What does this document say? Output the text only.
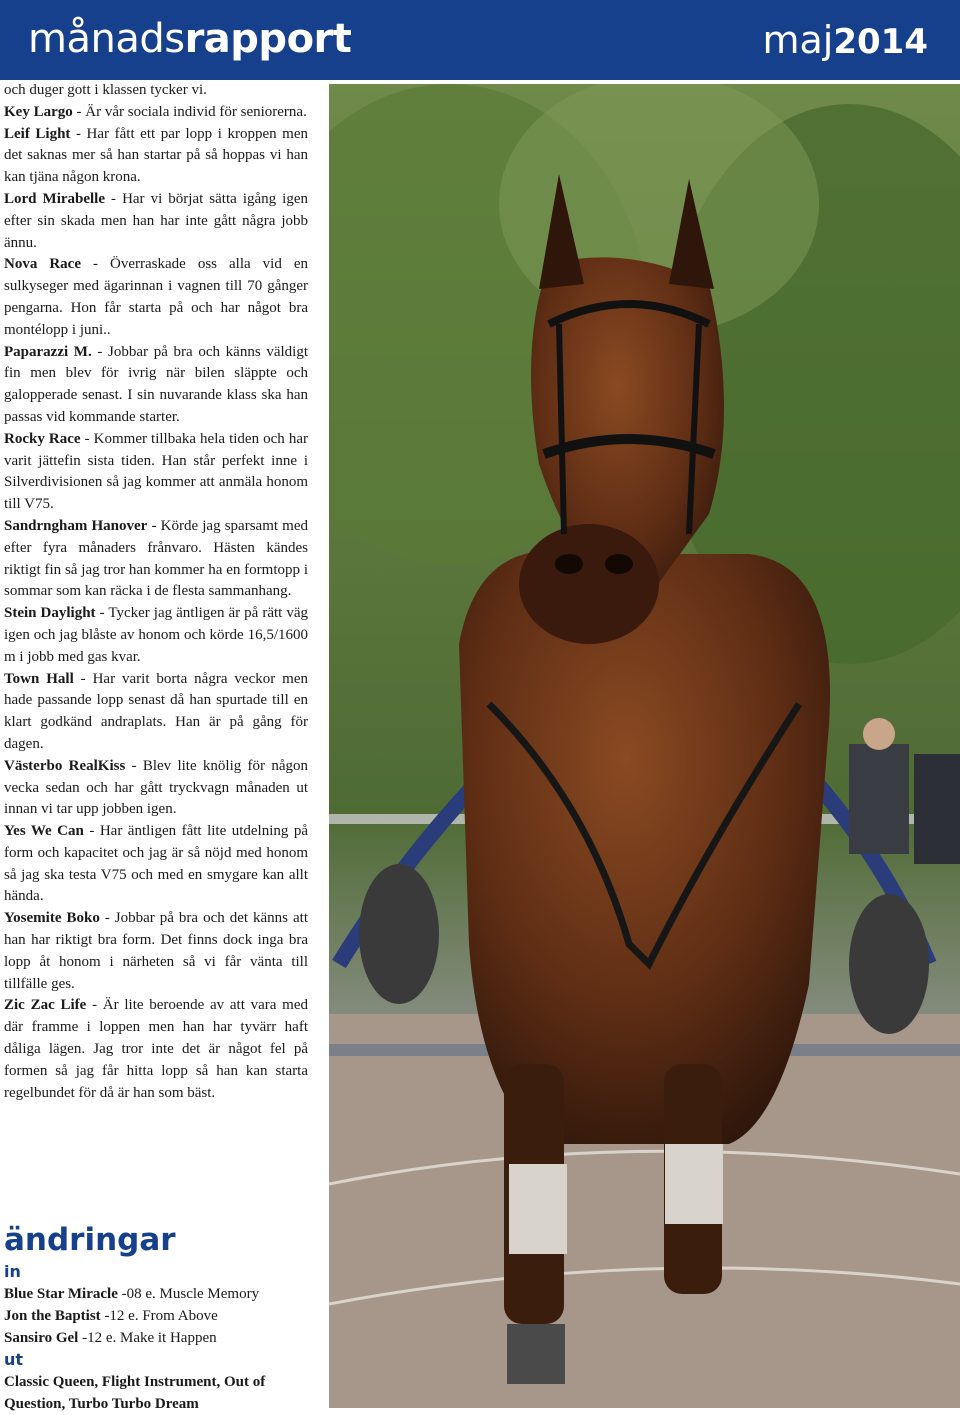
månadsrapport	maj2014

och duger gott i klassen tycker vi.

Key Largo - Är vår sociala individ för seniorerna.

Leif Light - Har fått ett par lopp i kroppen men det saknas mer så han startar på så hoppas vi han kan tjäna någon krona.

Lord Mirabelle - Har vi börjat sätta igång igen efter sin skada men han har inte gått några jobb ännu.

Nova Race - Överraskade oss alla vid en sulkyseger med ägarinnan i vagnen till 70 gånger pengarna. Hon får starta på och har något bra montélopp i juni..

Paparazzi M. - Jobbar på bra och känns väldigt fin men blev för ivrig när bilen släppte och galopperade senast. I sin nuvarande klass ska han passas vid kommande starter.

Rocky Race - Kommer tillbaka hela tiden och har varit jättefin sista tiden. Han står perfekt inne i Silverdivisionen så jag kommer att anmäla honom till V75.

Sandrngham Hanover - Körde jag sparsamt med efter fyra månaders frånvaro. Hästen kändes riktigt fin så jag tror han kommer ha en formtopp i sommar som kan räcka i de flesta sammanhang.

Stein Daylight - Tycker jag äntligen är på rätt väg igen och jag blåste av honom och körde 16,5/1600 m i jobb med gas kvar.

Town Hall - Har varit borta några veckor men hade passande lopp senast då han spurtade till en klart godkänd andraplats. Han är på gång för dagen.

Västerbo RealKiss - Blev lite knölig för någon vecka sedan och har gått tryckvagn månaden ut innan vi tar upp jobben igen.

Yes We Can - Har äntligen fått lite utdelning på form och kapacitet och jag är så nöjd med honom så jag ska testa V75 och med en smygare kan allt hända.

Yosemite Boko - Jobbar på bra och det känns att han har riktigt bra form. Det finns dock inga bra lopp åt honom i närheten så vi får vänta till tillfälle ges.

Zic Zac Life - Är lite beroende av att vara med där framme i loppen men han har tyvärr haft dåliga lägen. Jag tror inte det är något fel på formen så jag får hitta lopp så han kan starta regelbundet för då är han som bäst.

ändringar
in
Blue Star Miracle -08 e. Muscle Memory
Jon the Baptist -12 e. From Above
Sansiro Gel -12 e. Make it Happen
ut
Classic Queen, Flight Instrument, Out of Question, Turbo Turbo Dream
